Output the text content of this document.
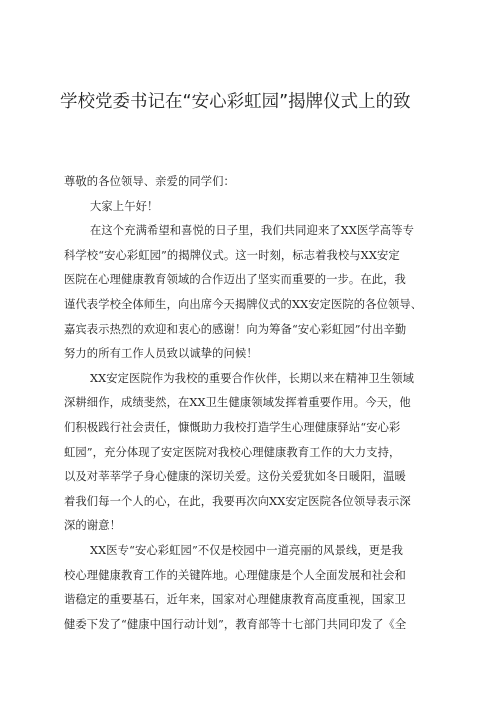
学校党委书记在“安心彩虹园”揭牌仪式上的致
尊敬的各位领导、亲爱的同学们：
大家上午好！
在这个充满希望和喜悦的日子里，我们共同迎来了XX医学高等专
科学校“安心彩虹园”的揭牌仪式。这一时刻，标志着我校与XX安定
医院在心理健康教育领域的合作迈出了坚实而重要的一步。在此，我
谨代表学校全体师生，向出席今天揭牌仪式的XX安定医院的各位领导、
嘉宾表示热烈的欢迎和衷心的感谢！向为筹备“安心彩虹园”付出辛勤
努力的所有工作人员致以诚挚的问候！
XX安定医院作为我校的重要合作伙伴，长期以来在精神卫生领域
深耕细作，成绩斐然，在XX卫生健康领域发挥着重要作用。今天，他
们积极践行社会责任，慷慨助力我校打造学生心理健康驿站“安心彩
虹园”，充分体现了安定医院对我校心理健康教育工作的大力支持，
以及对莘莘学子身心健康的深切关爱。这份关爱犹如冬日暖阳，温暖
着我们每一个人的心，在此，我要再次向XX安定医院各位领导表示深
深的谢意！
XX医专“安心彩虹园”不仅是校园中一道亮丽的风景线，更是我
校心理健康教育工作的关键阵地。心理健康是个人全面发展和社会和
谐稳定的重要基石，近年来，国家对心理健康教育高度重视，国家卫
健委下发了“健康中国行动计划”，教育部等十七部门共同印发了《全
